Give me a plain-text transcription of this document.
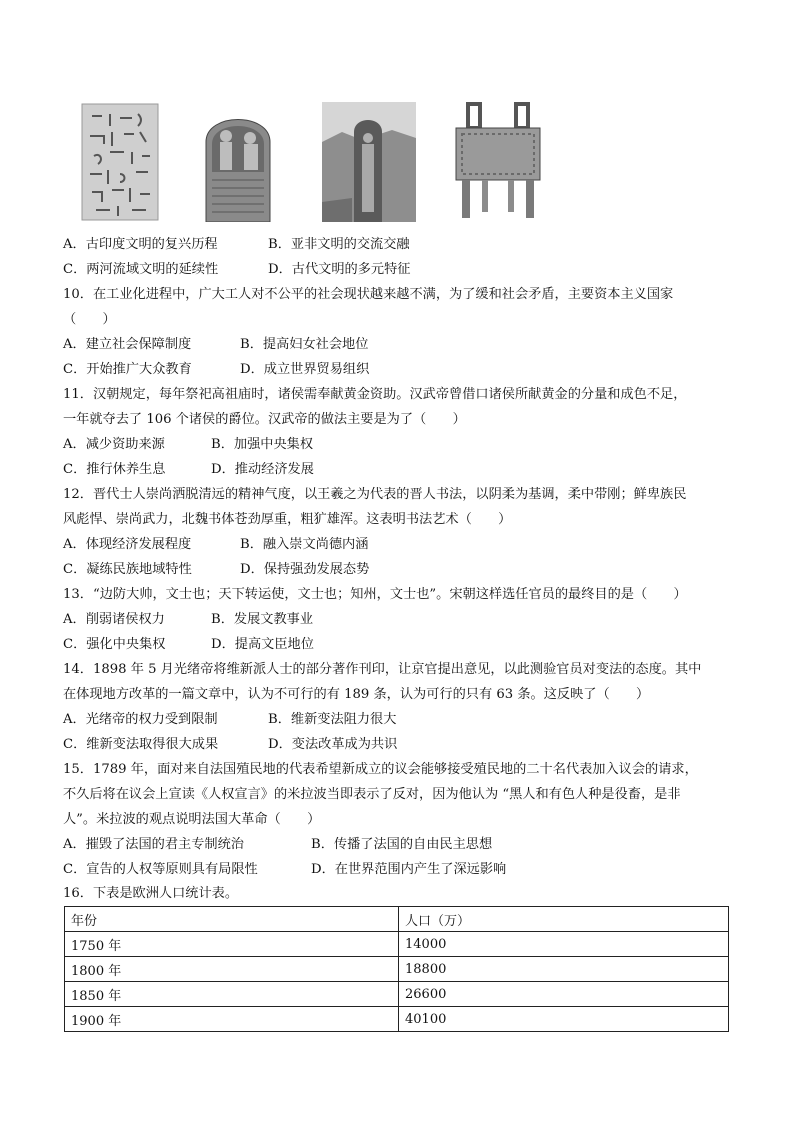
A．古印度文明的复兴历程	B．亚非文明的交流交融
C．两河流域文明的延续性	D．古代文明的多元特征
10．在工业化进程中，广大工人对不公平的社会现状越来越不满，为了缓和社会矛盾，主要资本主义国家
（　　）
A．建立社会保障制度	B．提高妇女社会地位
C．开始推广大众教育	D．成立世界贸易组织
11．汉朝规定，每年祭祀高祖庙时，诸侯需奉献黄金资助。汉武帝曾借口诸侯所献黄金的分量和成色不足，
一年就夺去了 106 个诸侯的爵位。汉武帝的做法主要是为了（　　）
A．减少资助来源	B．加强中央集权
C．推行休养生息	D．推动经济发展
12．晋代士人崇尚洒脱清远的精神气度，以王羲之为代表的晋人书法，以阴柔为基调，柔中带刚；鲜卑族民
风彪悍、崇尚武力，北魏书体苍劲厚重，粗犷雄浑。这表明书法艺术（　　）
A．体现经济发展程度	B．融入崇文尚德内涵
C．凝练民族地域特性	D．保持强劲发展态势
13．“边防大帅，文士也；天下转运使，文士也；知州，文士也”。宋朝这样选任官员的最终目的是（　　）
A．削弱诸侯权力	B．发展文教事业
C．强化中央集权	D．提高文臣地位
14．1898 年 5 月光绪帝将维新派人士的部分著作刊印，让京官提出意见，以此测验官员对变法的态度。其中
在体现地方改革的一篇文章中，认为不可行的有 189 条，认为可行的只有 63 条。这反映了（　　）
A．光绪帝的权力受到限制	B．维新变法阻力很大
C．维新变法取得很大成果	D．变法改革成为共识
15．1789 年，面对来自法国殖民地的代表希望新成立的议会能够接受殖民地的二十名代表加入议会的请求，
不久后将在议会上宣读《人权宣言》的米拉波当即表示了反对，因为他认为 “黑人和有色人种是役畜，是非
人”。米拉波的观点说明法国大革命（　　）
A．摧毁了法国的君主专制统治	B．传播了法国的自由民主思想
C．宣告的人权等原则具有局限性	D．在世界范围内产生了深远影响
16．下表是欧洲人口统计表。
年份	人口（万）
1750 年	14000
1800 年	18800
1850 年	26600
1900 年	40100
